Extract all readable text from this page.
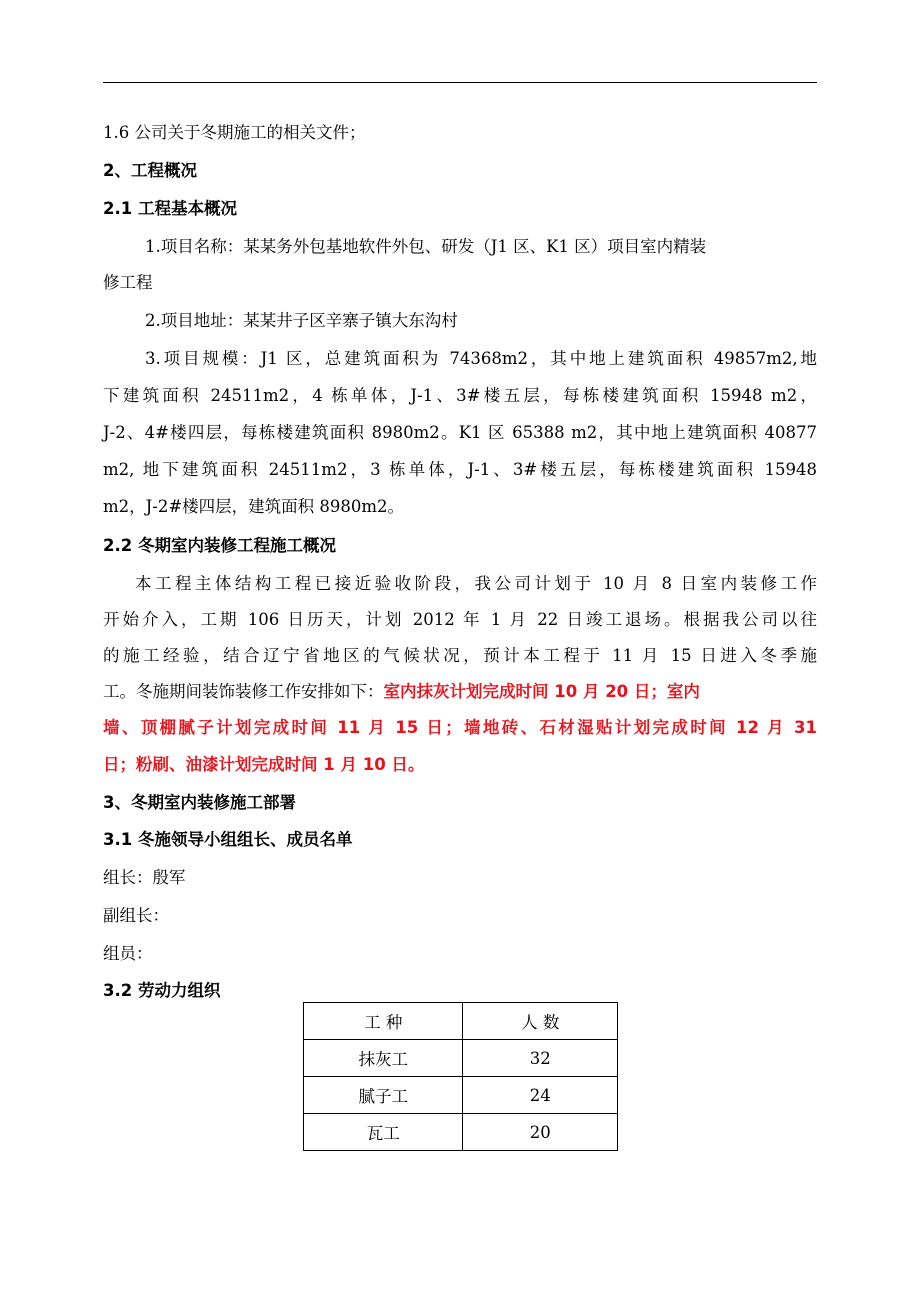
1.6 公司关于冬期施工的相关文件；
2、工程概况
2.1 工程基本概况
1.项目名称：某某务外包基地软件外包、研发（J1 区、K1 区）项目室内精装
修工程
2.项目地址：某某井子区辛寨子镇大东沟村
3.项目规模：J1 区，总建筑面积为 74368m2，其中地上建筑面积 49857m2,地
下建筑面积 24511m2，4 栋单体，J-1、3#楼五层，每栋楼建筑面积 15948 m2，
J-2、4#楼四层，每栋楼建筑面积 8980m2。K1 区 65388 m2，其中地上建筑面积 40877
m2, 地下建筑面积 24511m2，3 栋单体，J-1、3#楼五层，每栋楼建筑面积 15948
m2，J-2#楼四层，建筑面积 8980m2。
2.2 冬期室内装修工程施工概况
本工程主体结构工程已接近验收阶段，我公司计划于 10 月 8 日室内装修工作
开始介入，工期 106 日历天，计划 2012 年 1 月 22 日竣工退场。根据我公司以往
的施工经验，结合辽宁省地区的气候状况，预计本工程于 11 月 15 日进入冬季施
工。冬施期间装饰装修工作安排如下：室内抹灰计划完成时间 10 月 20 日；室内
墙、顶棚腻子计划完成时间 11 月 15 日；墙地砖、石材湿贴计划完成时间 12 月 31
日；粉刷、油漆计划完成时间 1 月 10 日。
3、冬期室内装修施工部署
3.1 冬施领导小组组长、成员名单
组长：殷军
副组长：
组员：
3.2 劳动力组织
工 种	人 数
抹灰工	32
腻子工	24
瓦工	20
